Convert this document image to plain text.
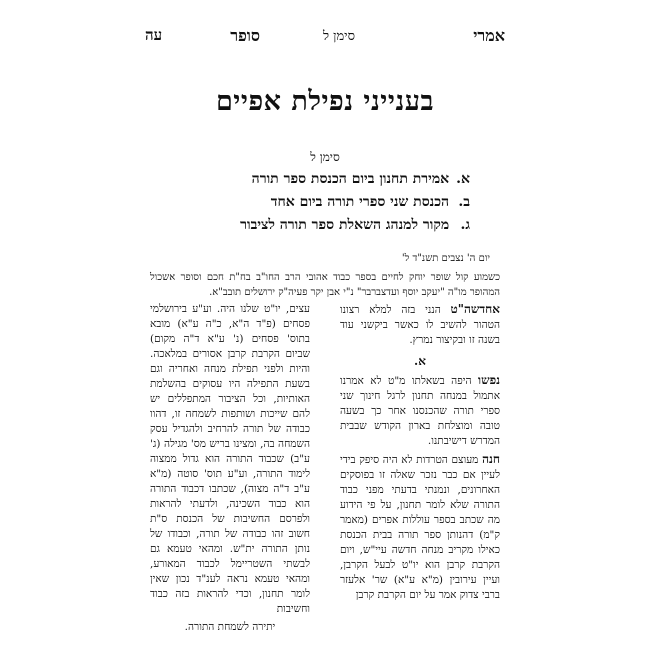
אמרי
סימן ל
סופר
עה
בענייני נפילת אפיים
סימן ל
א. אמירת תחנון ביום הכנסת ספר תורה
ב. הכנסת שני ספרי תורה ביום אחד
ג. מקור למנהג השאלת ספר תורה לציבור
יום ה' נצבים תשנ"ד ל'
כשמוע קול שופר יוחק לחיים בספר כבוד אהובי הרב החו"ב בח"ת חכם וסופר אשכול המהופר מו"ה "יעקב יוסף ועדצברבר" נ"י אבן יקר פעיה"ק ירושלים תובב"א.

אחדשה"ט הנני בזה למלא רצונו הטהור להשיב לו כאשר ביקשני עוד בשנה זו ובקיצור נמרץ.

א.

נפשו היפה בשאלתו מ"ט לא אמרנו אתמול במנחה תחנון לרגל חינוך שני ספרי תורה שהכנסנו אחר כך בשעה טובה ומוצלחת בארון הקודש שבבית המדרש דישיבתנו.

חנה מעוצם הטרדות לא היה סיפק בידי לעיין אם כבר נזכר שאלה זו בפוסקים האחרונים, ונמנתי בדעתי מפני כבוד התורה שלא לומר תחנון, על פי הידוע מה שכתב בספר עוללות אפרים (מאמר ק"מ) דהנותן ספר תורה בבית הכנסת כאילו מקריב מנחה חדשה עיי"ש, ויום הקרבת קרבן הוא יו"ט לבעל הקרבן, ועיין עירובין (מ"א ע"א) שר' אלעזר ברבי צדוק אמר על יום הקרבת קרבן

עצים, יו"ט שלנו היה. וע"ע בירושלמי פסחים (פ"ד ה"א, כ"ה ע"א) מובא בתוס' פסחים (נ' ע"א ד"ה מקום) שביום הקרבת קרבן אסורים במלאכה. והיות ולפני תפילת מנחה ואחריה וגם בשעת התפילה היו עסוקים בהשלמת האותיות, וכל הציבור המתפללים יש להם שייכות ושותפות לשמחה זו, דהוו כבודה של תורה להרחיב ולהגדיל עסק השמחה בה, ומצינו בריש מס' מגילה (ג' ע"ב) שכבוד התורה הוא גדול ממצוה לימוד התורה, וע"ע תוס' סוטה (מ"א ע"ב ד"ה מצוה), שכתבו דכבוד התורה הוא כבוד השכינה, ולדעתי להראות ולפרסם החשיבות של הכנסת ס"ת חשוב זהו כבודה של תורה, וכבודו של נותן התורה ית"ש. ומהאי טעמא גם לבשתי השטריימל לכבוד המאורע, ומהאי טעמא נראה לענ"ד נכון שאין לומר תחנון, וכדי להראות בזה כבוד וחשיבות

יתירה לשמחת התורה.
